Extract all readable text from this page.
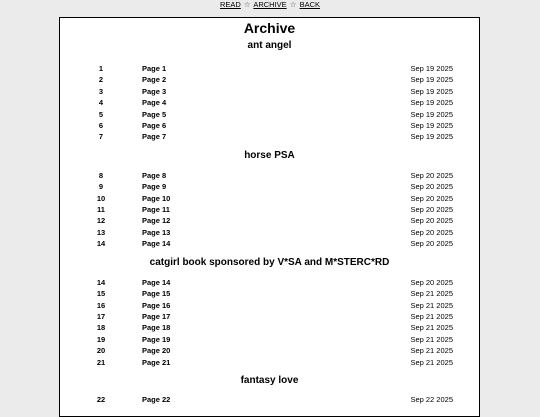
READ ☆ ARCHIVE ☆ BACK
Archive
ant angel
1	Page 1	Sep 19 2025
2	Page 2	Sep 19 2025
3	Page 3	Sep 19 2025
4	Page 4	Sep 19 2025
5	Page 5	Sep 19 2025
6	Page 6	Sep 19 2025
7	Page 7	Sep 19 2025
horse PSA
8	Page 8	Sep 20 2025
9	Page 9	Sep 20 2025
10	Page 10	Sep 20 2025
11	Page 11	Sep 20 2025
12	Page 12	Sep 20 2025
13	Page 13	Sep 20 2025
14	Page 14	Sep 20 2025
catgirl book sponsored by V*SA and M*STERC*RD
14	Page 14	Sep 20 2025
15	Page 15	Sep 21 2025
16	Page 16	Sep 21 2025
17	Page 17	Sep 21 2025
18	Page 18	Sep 21 2025
19	Page 19	Sep 21 2025
20	Page 20	Sep 21 2025
21	Page 21	Sep 21 2025
fantasy love
22	Page 22	Sep 22 2025
